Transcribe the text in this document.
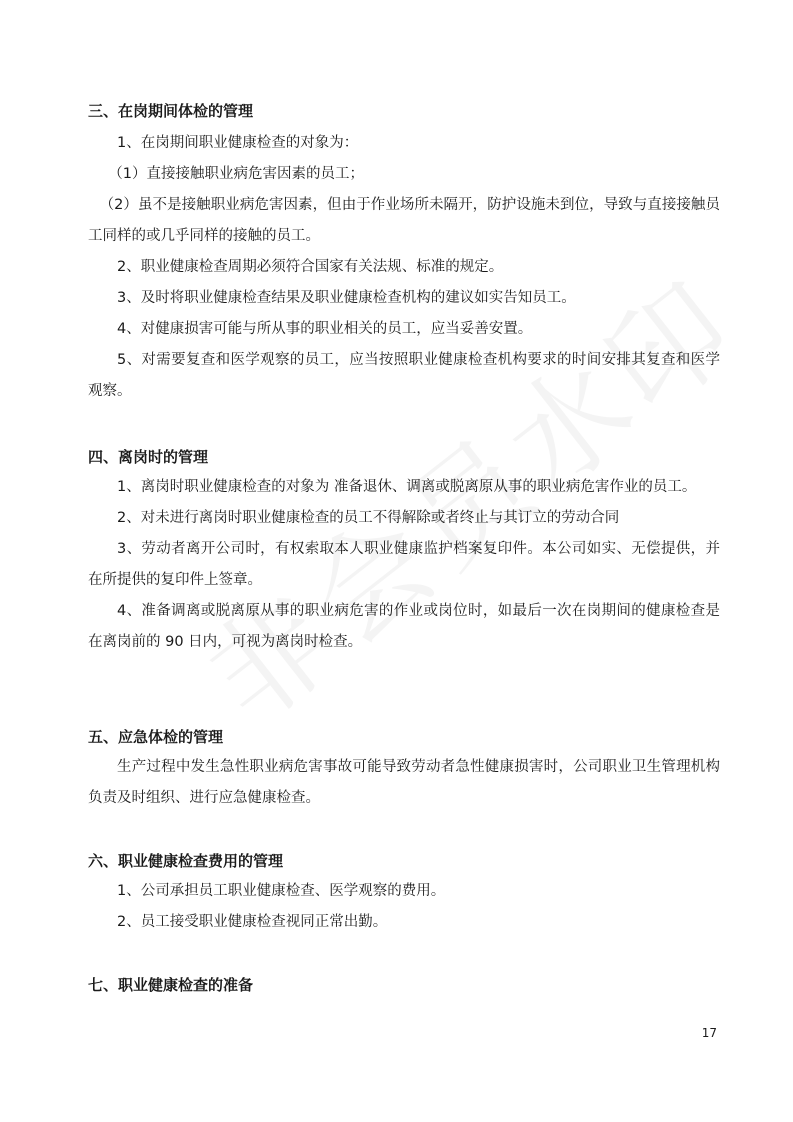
三、在岗期间体检的管理

1、在岗期间职业健康检查的对象为：

（1）直接接触职业病危害因素的员工；

（2）虽不是接触职业病危害因素，但由于作业场所未隔开，防护设施未到位，导致与直接接触员工同样的或几乎同样的接触的员工。

2、职业健康检查周期必须符合国家有关法规、标准的规定。

3、及时将职业健康检查结果及职业健康检查机构的建议如实告知员工。

4、对健康损害可能与所从事的职业相关的员工，应当妥善安置。

5、对需要复查和医学观察的员工，应当按照职业健康检查机构要求的时间安排其复查和医学观察。

四、离岗时的管理

1、离岗时职业健康检查的对象为 准备退休、调离或脱离原从事的职业病危害作业的员工。

2、对未进行离岗时职业健康检查的员工不得解除或者终止与其订立的劳动合同

3、劳动者离开公司时，有权索取本人职业健康监护档案复印件。本公司如实、无偿提供，并在所提供的复印件上签章。

4、准备调离或脱离原从事的职业病危害的作业或岗位时，如最后一次在岗期间的健康检查是在离岗前的 90 日内，可视为离岗时检查。

五、应急体检的管理

生产过程中发生急性职业病危害事故可能导致劳动者急性健康损害时，公司职业卫生管理机构负责及时组织、进行应急健康检查。

六、职业健康检查费用的管理

1、公司承担员工职业健康检查、医学观察的费用。

2、员工接受职业健康检查视同正常出勤。

七、职业健康检查的准备

17
